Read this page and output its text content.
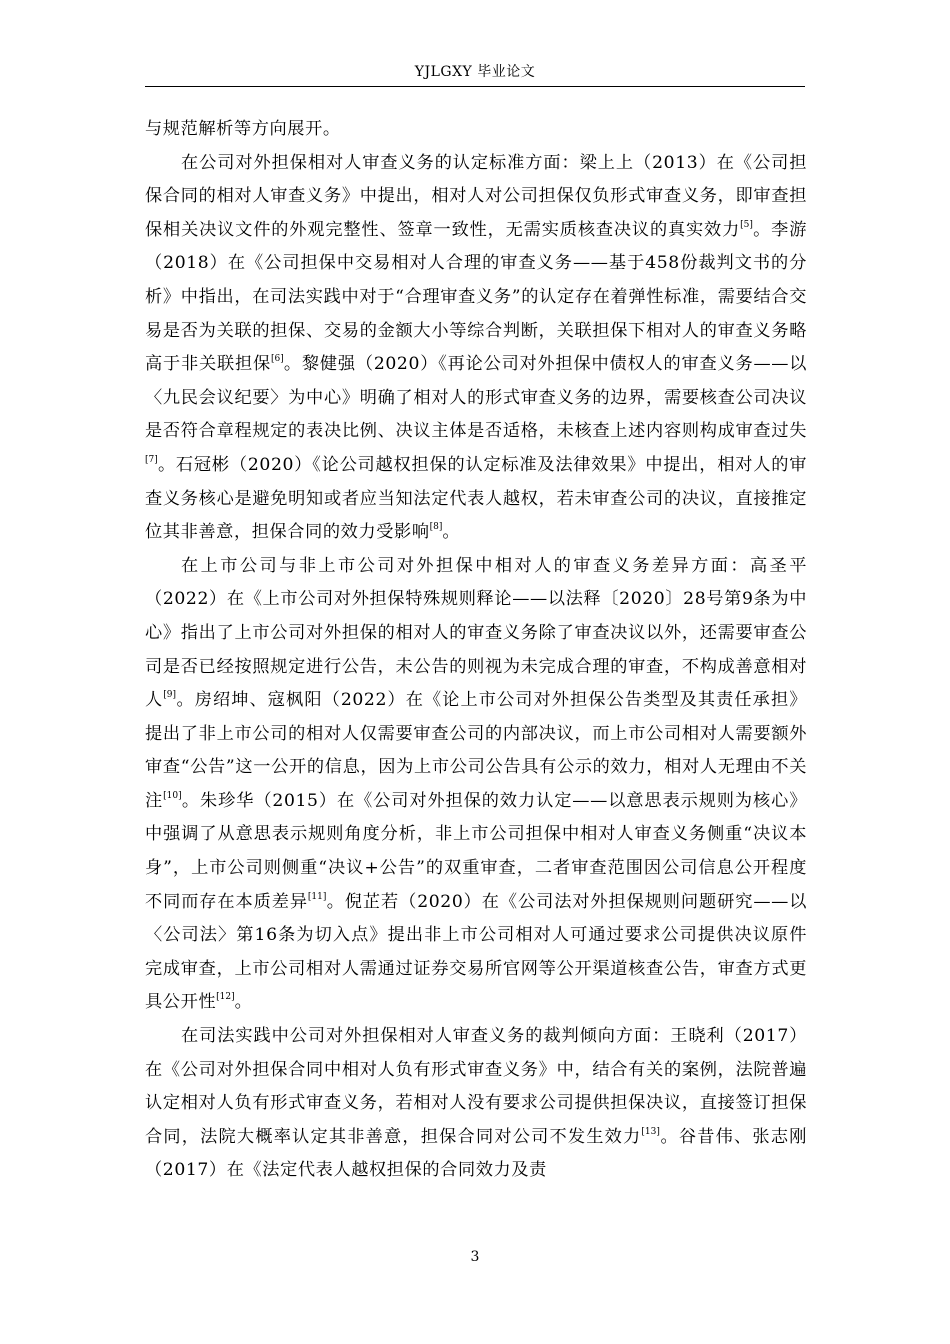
YJLGXY 毕业论文

与规范解析等方向展开。

在公司对外担保相对人审查义务的认定标准方面：梁上上（2013）在《公司担保合同的相对人审查义务》中提出，相对人对公司担保仅负形式审查义务，即审查担保相关决议文件的外观完整性、签章一致性，无需实质核查决议的真实效力[5]。李游（2018）在《公司担保中交易相对人合理的审查义务——基于458份裁判文书的分析》中指出，在司法实践中对于“合理审查义务”的认定存在着弹性标准，需要结合交易是否为关联的担保、交易的金额大小等综合判断，关联担保下相对人的审查义务略高于非关联担保[6]。黎健强（2020）《再论公司对外担保中债权人的审查义务——以〈九民会议纪要〉为中心》明确了相对人的形式审查义务的边界，需要核查公司决议是否符合章程规定的表决比例、决议主体是否适格，未核查上述内容则构成审查过失[7]。石冠彬（2020）《论公司越权担保的认定标准及法律效果》中提出，相对人的审查义务核心是避免明知或者应当知法定代表人越权，若未审查公司的决议，直接推定位其非善意，担保合同的效力受影响[8]。

在上市公司与非上市公司对外担保中相对人的审查义务差异方面：高圣平（2022）在《上市公司对外担保特殊规则释论——以法释〔2020〕28号第9条为中心》指出了上市公司对外担保的相对人的审查义务除了审查决议以外，还需要审查公司是否已经按照规定进行公告，未公告的则视为未完成合理的审查，不构成善意相对人[9]。房绍坤、寇枫阳（2022）在《论上市公司对外担保公告类型及其责任承担》提出了非上市公司的相对人仅需要审查公司的内部决议，而上市公司相对人需要额外审查“公告”这一公开的信息，因为上市公司公告具有公示的效力，相对人无理由不关注[10]。朱珍华（2015）在《公司对外担保的效力认定——以意思表示规则为核心》中强调了从意思表示规则角度分析，非上市公司担保中相对人审查义务侧重“决议本身”，上市公司则侧重“决议+公告”的双重审查，二者审查范围因公司信息公开程度不同而存在本质差异[11]。倪芷若（2020）在《公司法对外担保规则问题研究——以〈公司法〉第16条为切入点》提出非上市公司相对人可通过要求公司提供决议原件完成审查，上市公司相对人需通过证券交易所官网等公开渠道核查公告，审查方式更具公开性[12]。

在司法实践中公司对外担保相对人审查义务的裁判倾向方面：王晓利（2017）在《公司对外担保合同中相对人负有形式审查义务》中，结合有关的案例，法院普遍认定相对人负有形式审查义务，若相对人没有要求公司提供担保决议，直接签订担保合同，法院大概率认定其非善意，担保合同对公司不发生效力[13]。谷昔伟、张志刚（2017）在《法定代表人越权担保的合同效力及责

3
